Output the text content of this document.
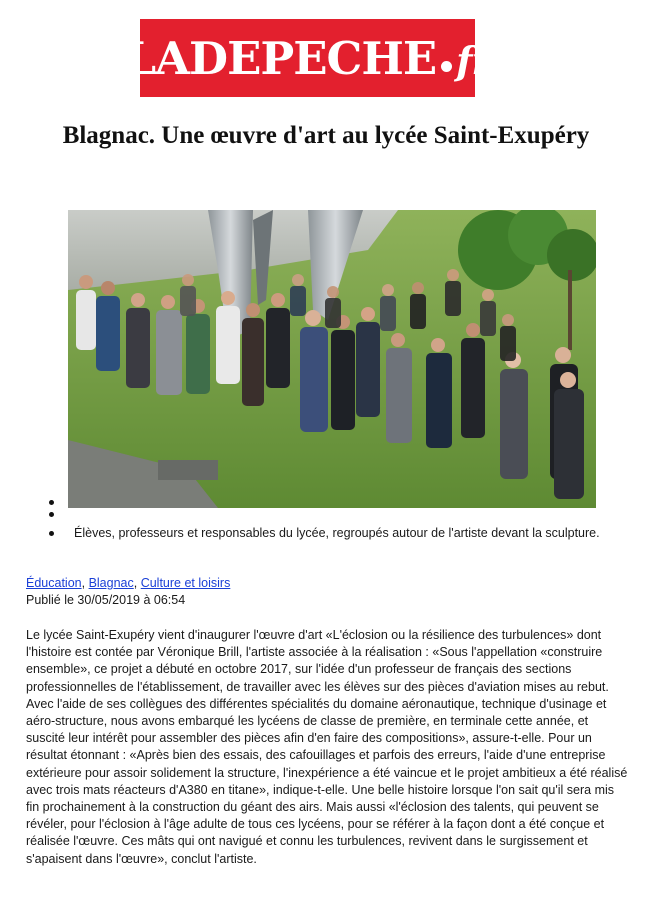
LADEPECHE fr
Blagnac. Une œuvre d'art au lycée Saint-Exupéry
Élèves, professeurs et responsables du lycée, regroupés autour de l'artiste devant la sculpture.
Éducation, Blagnac, Culture et loisirs
Publié le 30/05/2019 à 06:54

Le lycée Saint-Exupéry vient d'inaugurer l'œuvre d'art «L'éclosion ou la résilience des turbulences» dont l'histoire est contée par Véronique Brill, l'artiste associée à la réalisation : «Sous l'appellation «construire ensemble», ce projet a débuté en octobre 2017, sur l'idée d'un professeur de français des sections professionnelles de l'établissement, de travailler avec les élèves sur des pièces d'aviation mises au rebut. Avec l'aide de ses collègues des différentes spécialités du domaine aéronautique, technique d'usinage et aéro-structure, nous avons embarqué les lycéens de classe de première, en terminale cette année, et suscité leur intérêt pour assembler des pièces afin d'en faire des compositions», assure-t-elle. Pour un résultat étonnant : «Après bien des essais, des cafouillages et parfois des erreurs, l'aide d'une entreprise extérieure pour assoir solidement la structure, l'inexpérience a été vaincue et le projet ambitieux a été réalisé avec trois mats réacteurs d'A380 en titane», indique-t-elle. Une belle histoire lorsque l'on sait qu'il sera mis fin prochainement à la construction du géant des airs. Mais aussi «l'éclosion des talents, qui peuvent se révéler, pour l'éclosion à l'âge adulte de tous ces lycéens, pour se référer à la façon dont a été conçue et réalisée l'œuvre. Ces mâts qui ont navigué et connu les turbulences, revivent dans le surgissement et s'apaisent dans l'œuvre», conclut l'artiste.
